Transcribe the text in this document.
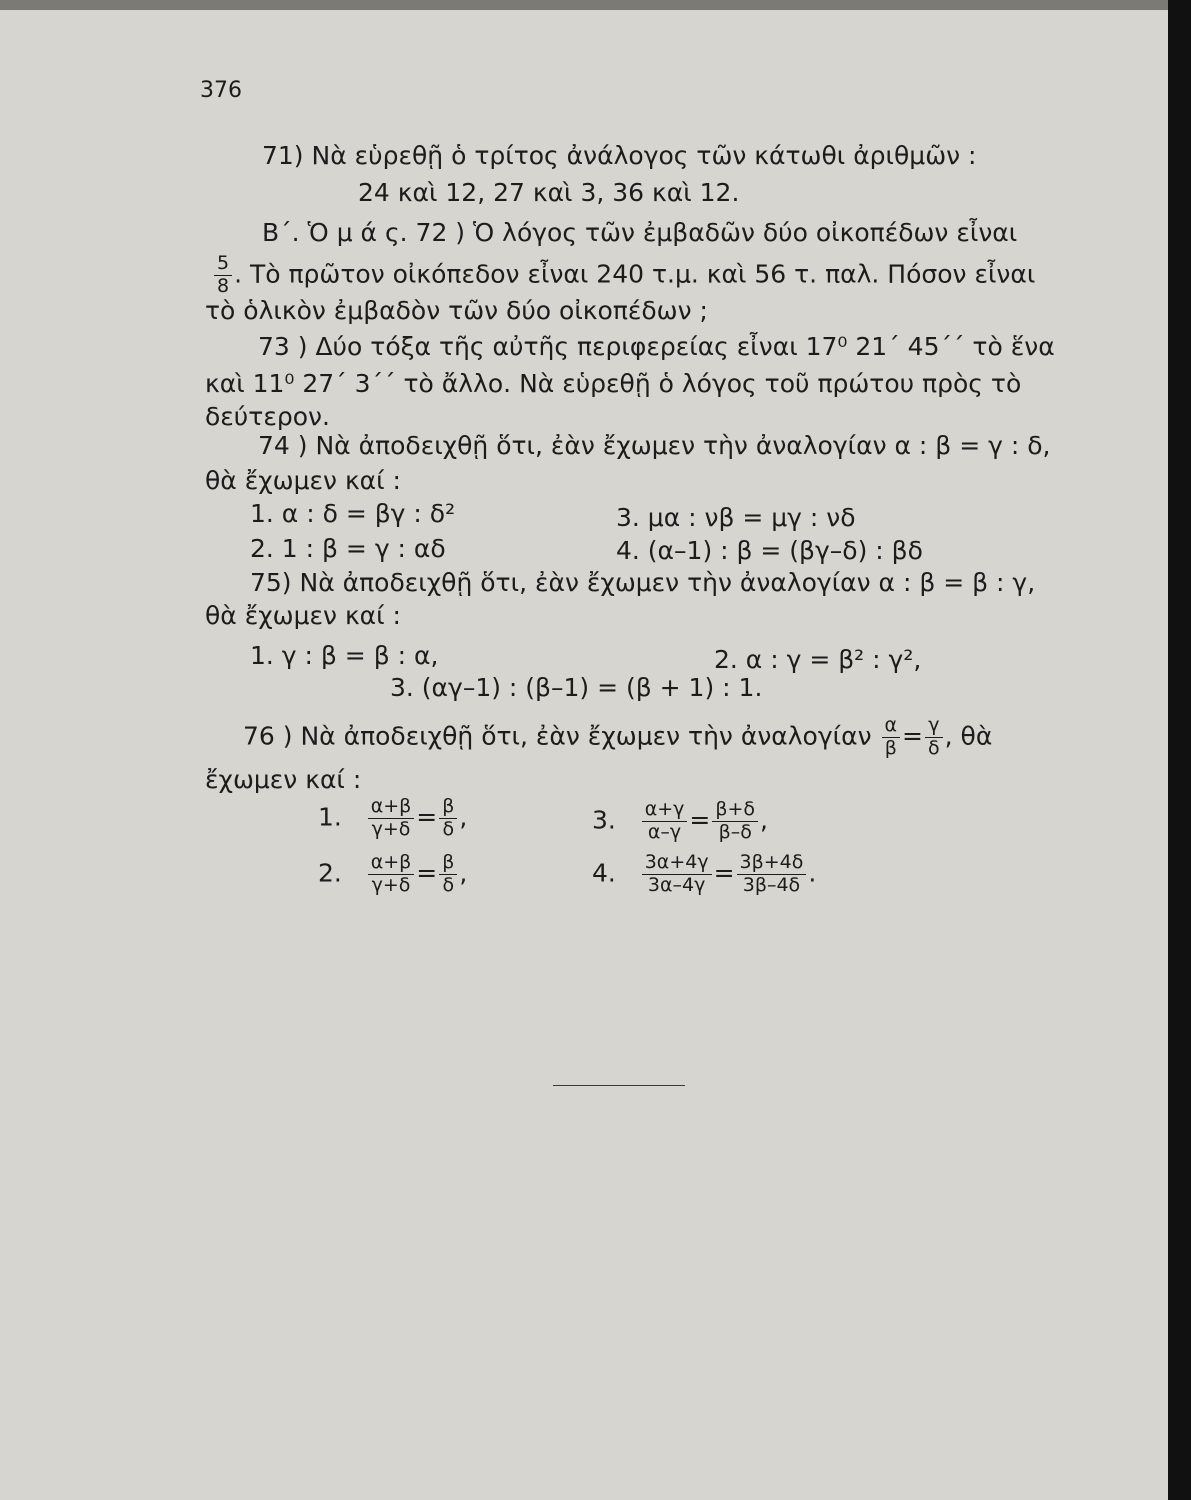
376
71) Νὰ εὑρεθῇ ὁ τρίτος ἀνάλογος τῶν κάτωθι ἀριθμῶν :
24 καὶ 12, 27 καὶ 3, 36 καὶ 12.
Β΄. Ὁ μ ά ς. 72 ) Ὁ λόγος τῶν ἐμβαδῶν δύο οἰκοπέδων εἶναι
$\frac{5}{8}$ . Τὸ πρῶτον οἰκόπεδον εἶναι 240 τ.μ. καὶ 56 τ. παλ. Πόσον εἶναι
τὸ ὁλικὸν ἐμβαδὸν τῶν δύο οἰκοπέδων ;
73 ) Δύο τόξα τῆς αὐτῆς περιφερείας εἶναι 17⁰ 21΄ 45΄΄ τὸ ἕνα
καὶ 11⁰ 27΄ 3΄΄ τὸ ἄλλο. Νὰ εὑρεθῇ ὁ λόγος τοῦ πρώτου πρὸς τὸ
δεύτερον.
74 ) Νὰ ἀποδειχθῇ ὅτι, ἐὰν ἔχωμεν τὴν ἀναλογίαν α : β = γ : δ,
θὰ ἔχωμεν καί :
1. α : δ = βγ : δ²	3. μα : νβ = μγ : νδ
2. 1 : β = γ : αδ	4. (α–1) : β = (βγ–δ) : βδ
75) Νὰ ἀποδειχθῇ ὅτι, ἐὰν ἔχωμεν τὴν ἀναλογίαν α : β = β : γ,
θὰ ἔχωμεν καί :
1. γ : β = β : α,	2. α : γ = β² : γ²,
3. (αγ–1) : (β–1) = (β + 1) : 1.
76 ) Νὰ ἀποδειχθῇ ὅτι, ἐὰν ἔχωμεν τὴν ἀναλογίαν $\frac{\alpha}{\beta} = \frac{\gamma}{\delta}$ , θὰ
ἔχωμεν καί :
1. $\frac{\alpha+\beta}{\gamma+\delta} = \frac{\beta}{\delta}$ ,	3. $\frac{\alpha+\gamma}{\alpha-\gamma} = \frac{\beta+\delta}{\beta-\delta}$ ,
2. $\frac{\alpha+\beta}{\gamma+\delta} = \frac{\beta}{\delta}$ ,	4. $\frac{3\alpha+4\gamma}{3\alpha-4\gamma} = \frac{3\beta+4\delta}{3\beta-4\delta}$ .
